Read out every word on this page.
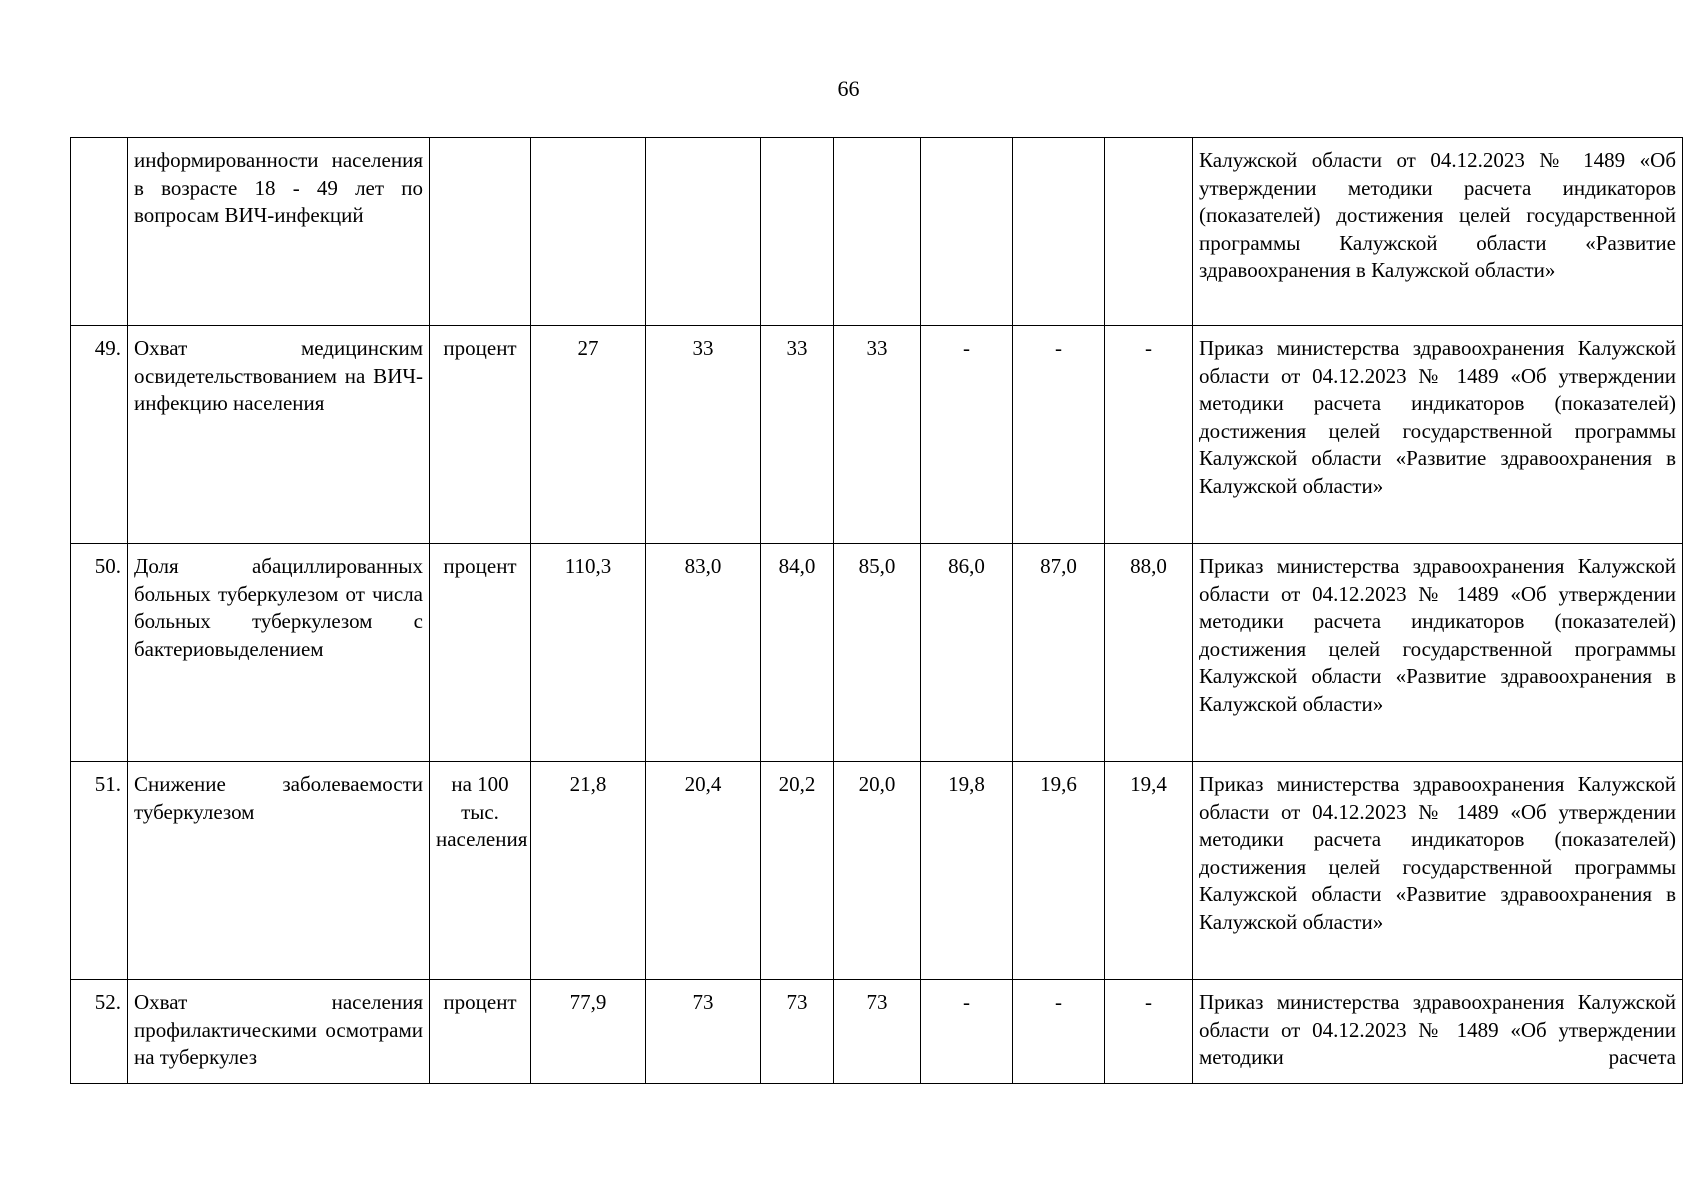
66
	информированности населения в возрасте 18 - 49 лет по вопросам ВИЧ-инфекций									Калужской области от 04.12.2023 № 1489 «Об утверждении методики расчета индикаторов (показателей) достижения целей государственной программы Калужской области «Развитие здравоохранения в Калужской области»
49.	Охват медицинским освидетельствованием на ВИЧ-инфекцию населения	процент	27	33	33	33	-	-	-	Приказ министерства здравоохранения Калужской области от 04.12.2023 № 1489 «Об утверждении методики расчета индикаторов (показателей) достижения целей государственной программы Калужской области «Развитие здравоохранения в Калужской области»
50.	Доля абациллированных больных туберкулезом от числа больных туберкулезом с бактериовыделением	процент	110,3	83,0	84,0	85,0	86,0	87,0	88,0	Приказ министерства здравоохранения Калужской области от 04.12.2023 № 1489 «Об утверждении методики расчета индикаторов (показателей) достижения целей государственной программы Калужской области «Развитие здравоохранения в Калужской области»
51.	Снижение заболеваемости туберкулезом	на 100 тыс. населения	21,8	20,4	20,2	20,0	19,8	19,6	19,4	Приказ министерства здравоохранения Калужской области от 04.12.2023 № 1489 «Об утверждении методики расчета индикаторов (показателей) достижения целей государственной программы Калужской области «Развитие здравоохранения в Калужской области»
52.	Охват населения профилактическими осмотрами на туберкулез	процент	77,9	73	73	73	-	-	-	Приказ министерства здравоохранения Калужской области от 04.12.2023 № 1489 «Об утверждении методики расчета
